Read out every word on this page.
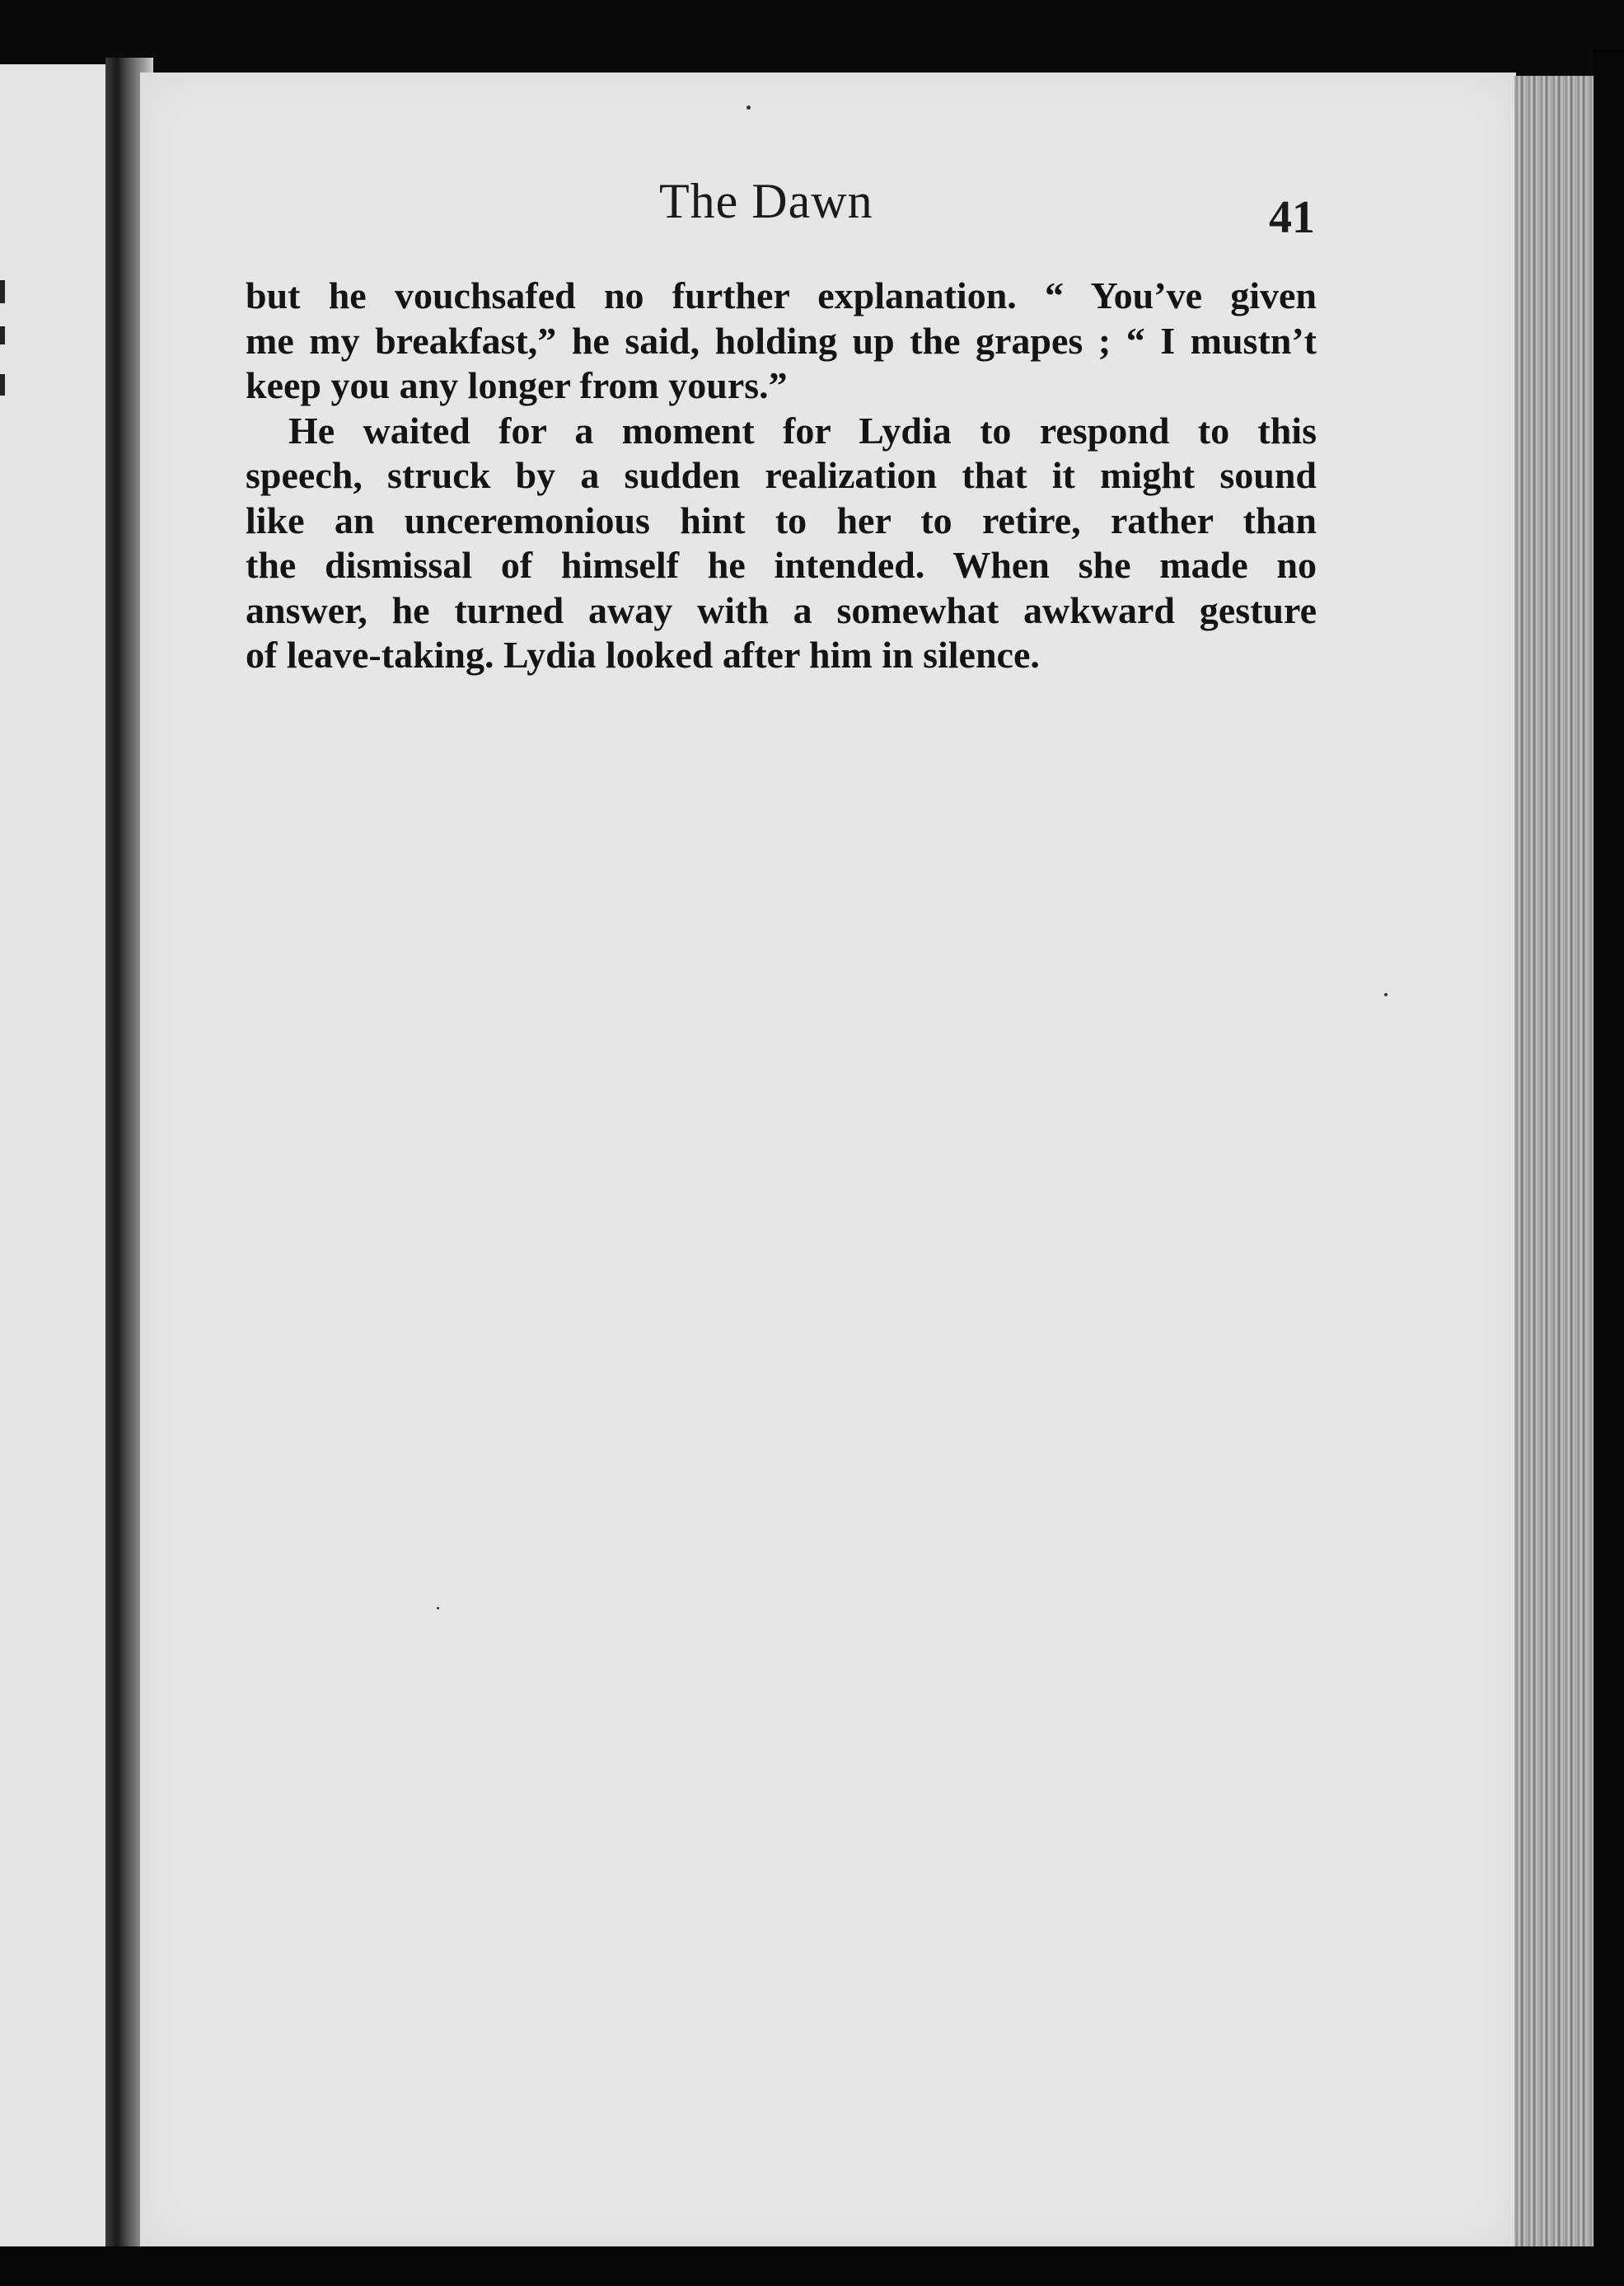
The Dawn	41
but he vouchsafed no further explanation. “ You’ve given
me my breakfast,” he said, holding up the grapes ; “ I mustn’t
keep you any longer from yours.”
He waited for a moment for Lydia to respond to this
speech, struck by a sudden realization that it might sound
like an unceremonious hint to her to retire, rather than
the dismissal of himself he intended. When she made no
answer, he turned away with a somewhat awkward gesture
of leave-taking. Lydia looked after him in silence.
